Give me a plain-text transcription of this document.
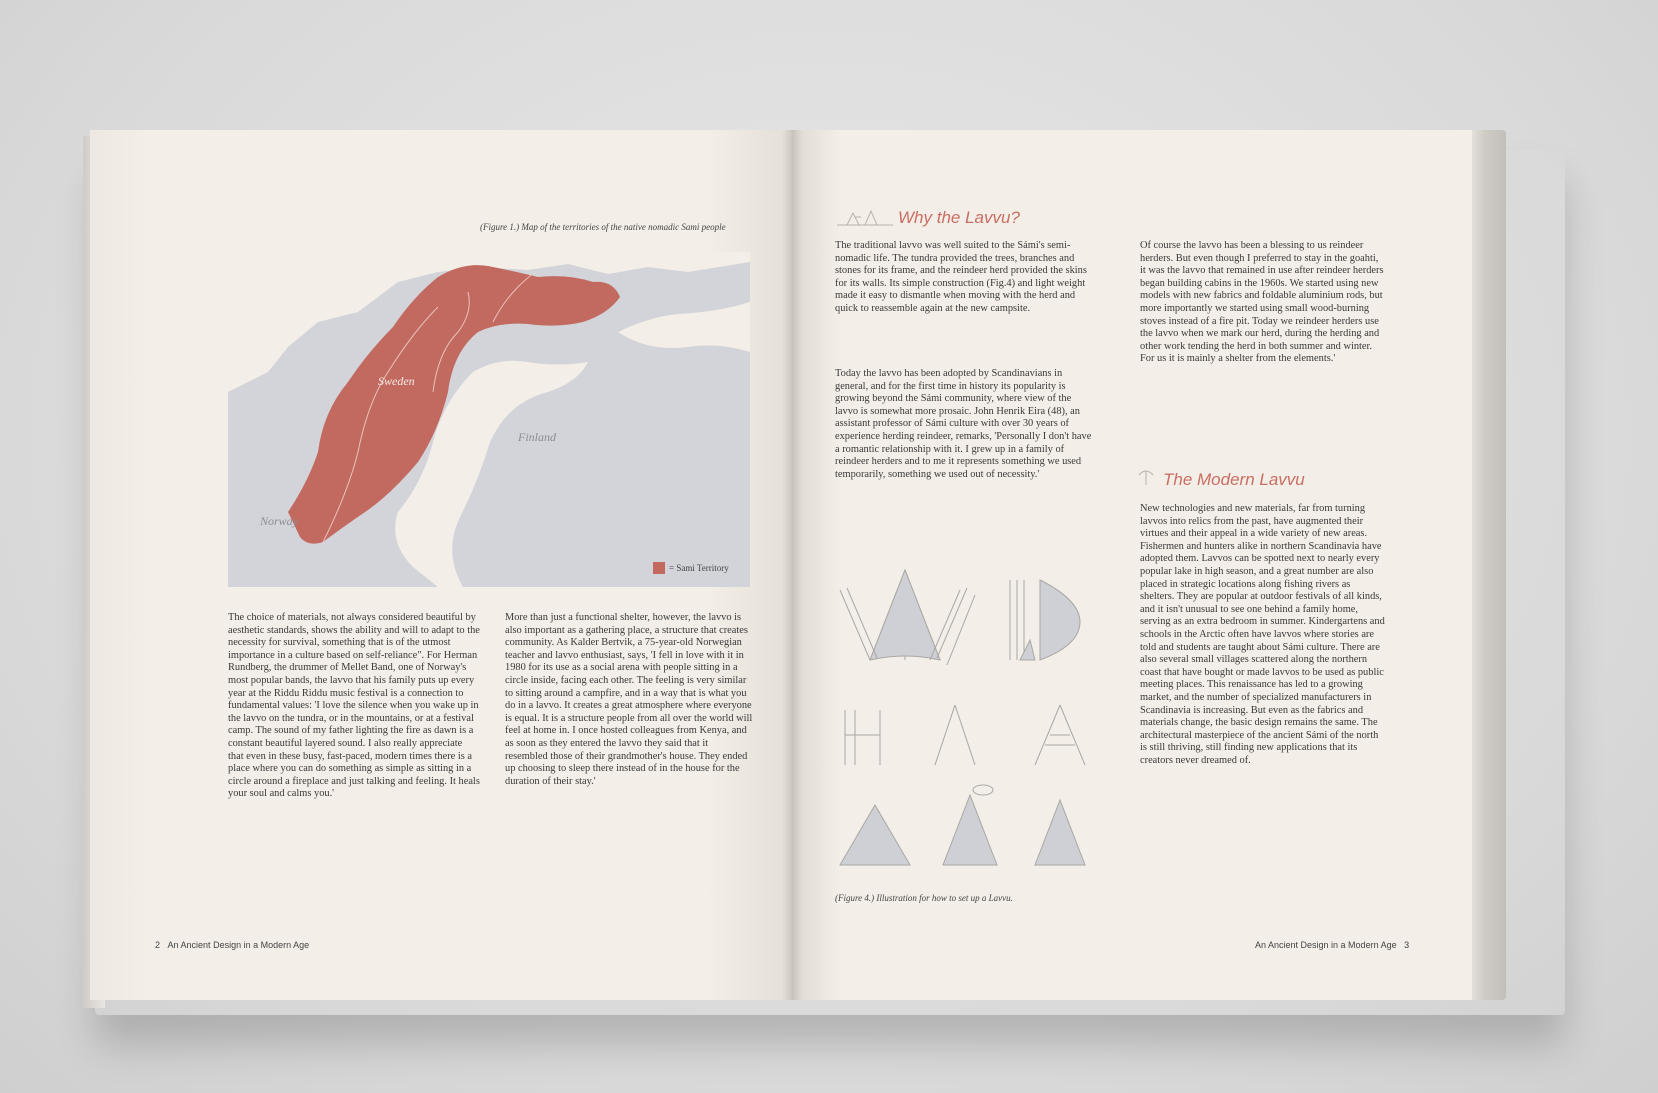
(Figure 1.) Map of the territories of the native nomadic Sami people
Sweden
Finland
Norway
= Sami Territory
The choice of materials, not always considered beautiful by aesthetic standards, shows the ability and will to adapt to the necessity for survival, something that is of the utmost importance in a culture based on self-reliance". For Herman Rundberg, the drummer of Mellet Band, one of Norway's most popular bands, the lavvo that his family puts up every year at the Riddu Riddu music festival is a connection to fundamental values: 'I love the silence when you wake up in the lavvo on the tundra, or in the mountains, or at a festival camp. The sound of my father lighting the fire as dawn is a constant beautiful layered sound. I also really appreciate that even in these busy, fast-paced, modern times there is a place where you can do something as simple as sitting in a circle around a fireplace and just talking and feeling. It heals your soul and calms you.'
More than just a functional shelter, however, the lavvo is also important as a gathering place, a structure that creates community. As Kalder Bertvik, a 75-year-old Norwegian teacher and lavvo enthusiast, says, 'I fell in love with it in 1980 for its use as a social arena with people sitting in a circle inside, facing each other. The feeling is very similar to sitting around a campfire, and in a way that is what you do in a lavvo. It creates a great atmosphere where everyone is equal. It is a structure people from all over the world will feel at home in. I once hosted colleagues from Kenya, and as soon as they entered the lavvo they said that it resembled those of their grandmother's house. They ended up choosing to sleep there instead of in the house for the duration of their stay.'
2 An Ancient Design in a Modern Age
Why the Lavvu?
The traditional lavvo was well suited to the Sámi's semi-nomadic life. The tundra provided the trees, branches and stones for its frame, and the reindeer herd provided the skins for its walls. Its simple construction (Fig.4) and light weight made it easy to dismantle when moving with the herd and quick to reassemble again at the new campsite.
Today the lavvo has been adopted by Scandinavians in general, and for the first time in history its popularity is growing beyond the Sámi community, where view of the lavvo is somewhat more prosaic. John Henrik Eira (48), an assistant professor of Sámi culture with over 30 years of experience herding reindeer, remarks, 'Personally I don't have a romantic relationship with it. I grew up in a family of reindeer herders and to me it represents something we used temporarily, something we used out of necessity.'
Of course the lavvo has been a blessing to us reindeer herders. But even though I preferred to stay in the goahti, it was the lavvo that remained in use after reindeer herders began building cabins in the 1960s. We started using new models with new fabrics and foldable aluminium rods, but more importantly we started using small wood-burning stoves instead of a fire pit. Today we reindeer herders use the lavvo when we mark our herd, during the herding and other work tending the herd in both summer and winter. For us it is mainly a shelter from the elements.'
The Modern Lavvu
New technologies and new materials, far from turning lavvos into relics from the past, have augmented their virtues and their appeal in a wide variety of new areas. Fishermen and hunters alike in northern Scandinavia have adopted them. Lavvos can be spotted next to nearly every popular lake in high season, and a great number are also placed in strategic locations along fishing rivers as shelters. They are popular at outdoor festivals of all kinds, and it isn't unusual to see one behind a family home, serving as an extra bedroom in summer. Kindergartens and schools in the Arctic often have lavvos where stories are told and students are taught about Sámi culture. There are also several small villages scattered along the northern coast that have bought or made lavvos to be used as public meeting places. This renaissance has led to a growing market, and the number of specialized manufacturers in Scandinavia is increasing. But even as the fabrics and materials change, the basic design remains the same. The architectural masterpiece of the ancient Sámi of the north is still thriving, still finding new applications that its creators never dreamed of.
(Figure 4.) Illustration for how to set up a Lavvu.
An Ancient Design in a Modern Age 3
